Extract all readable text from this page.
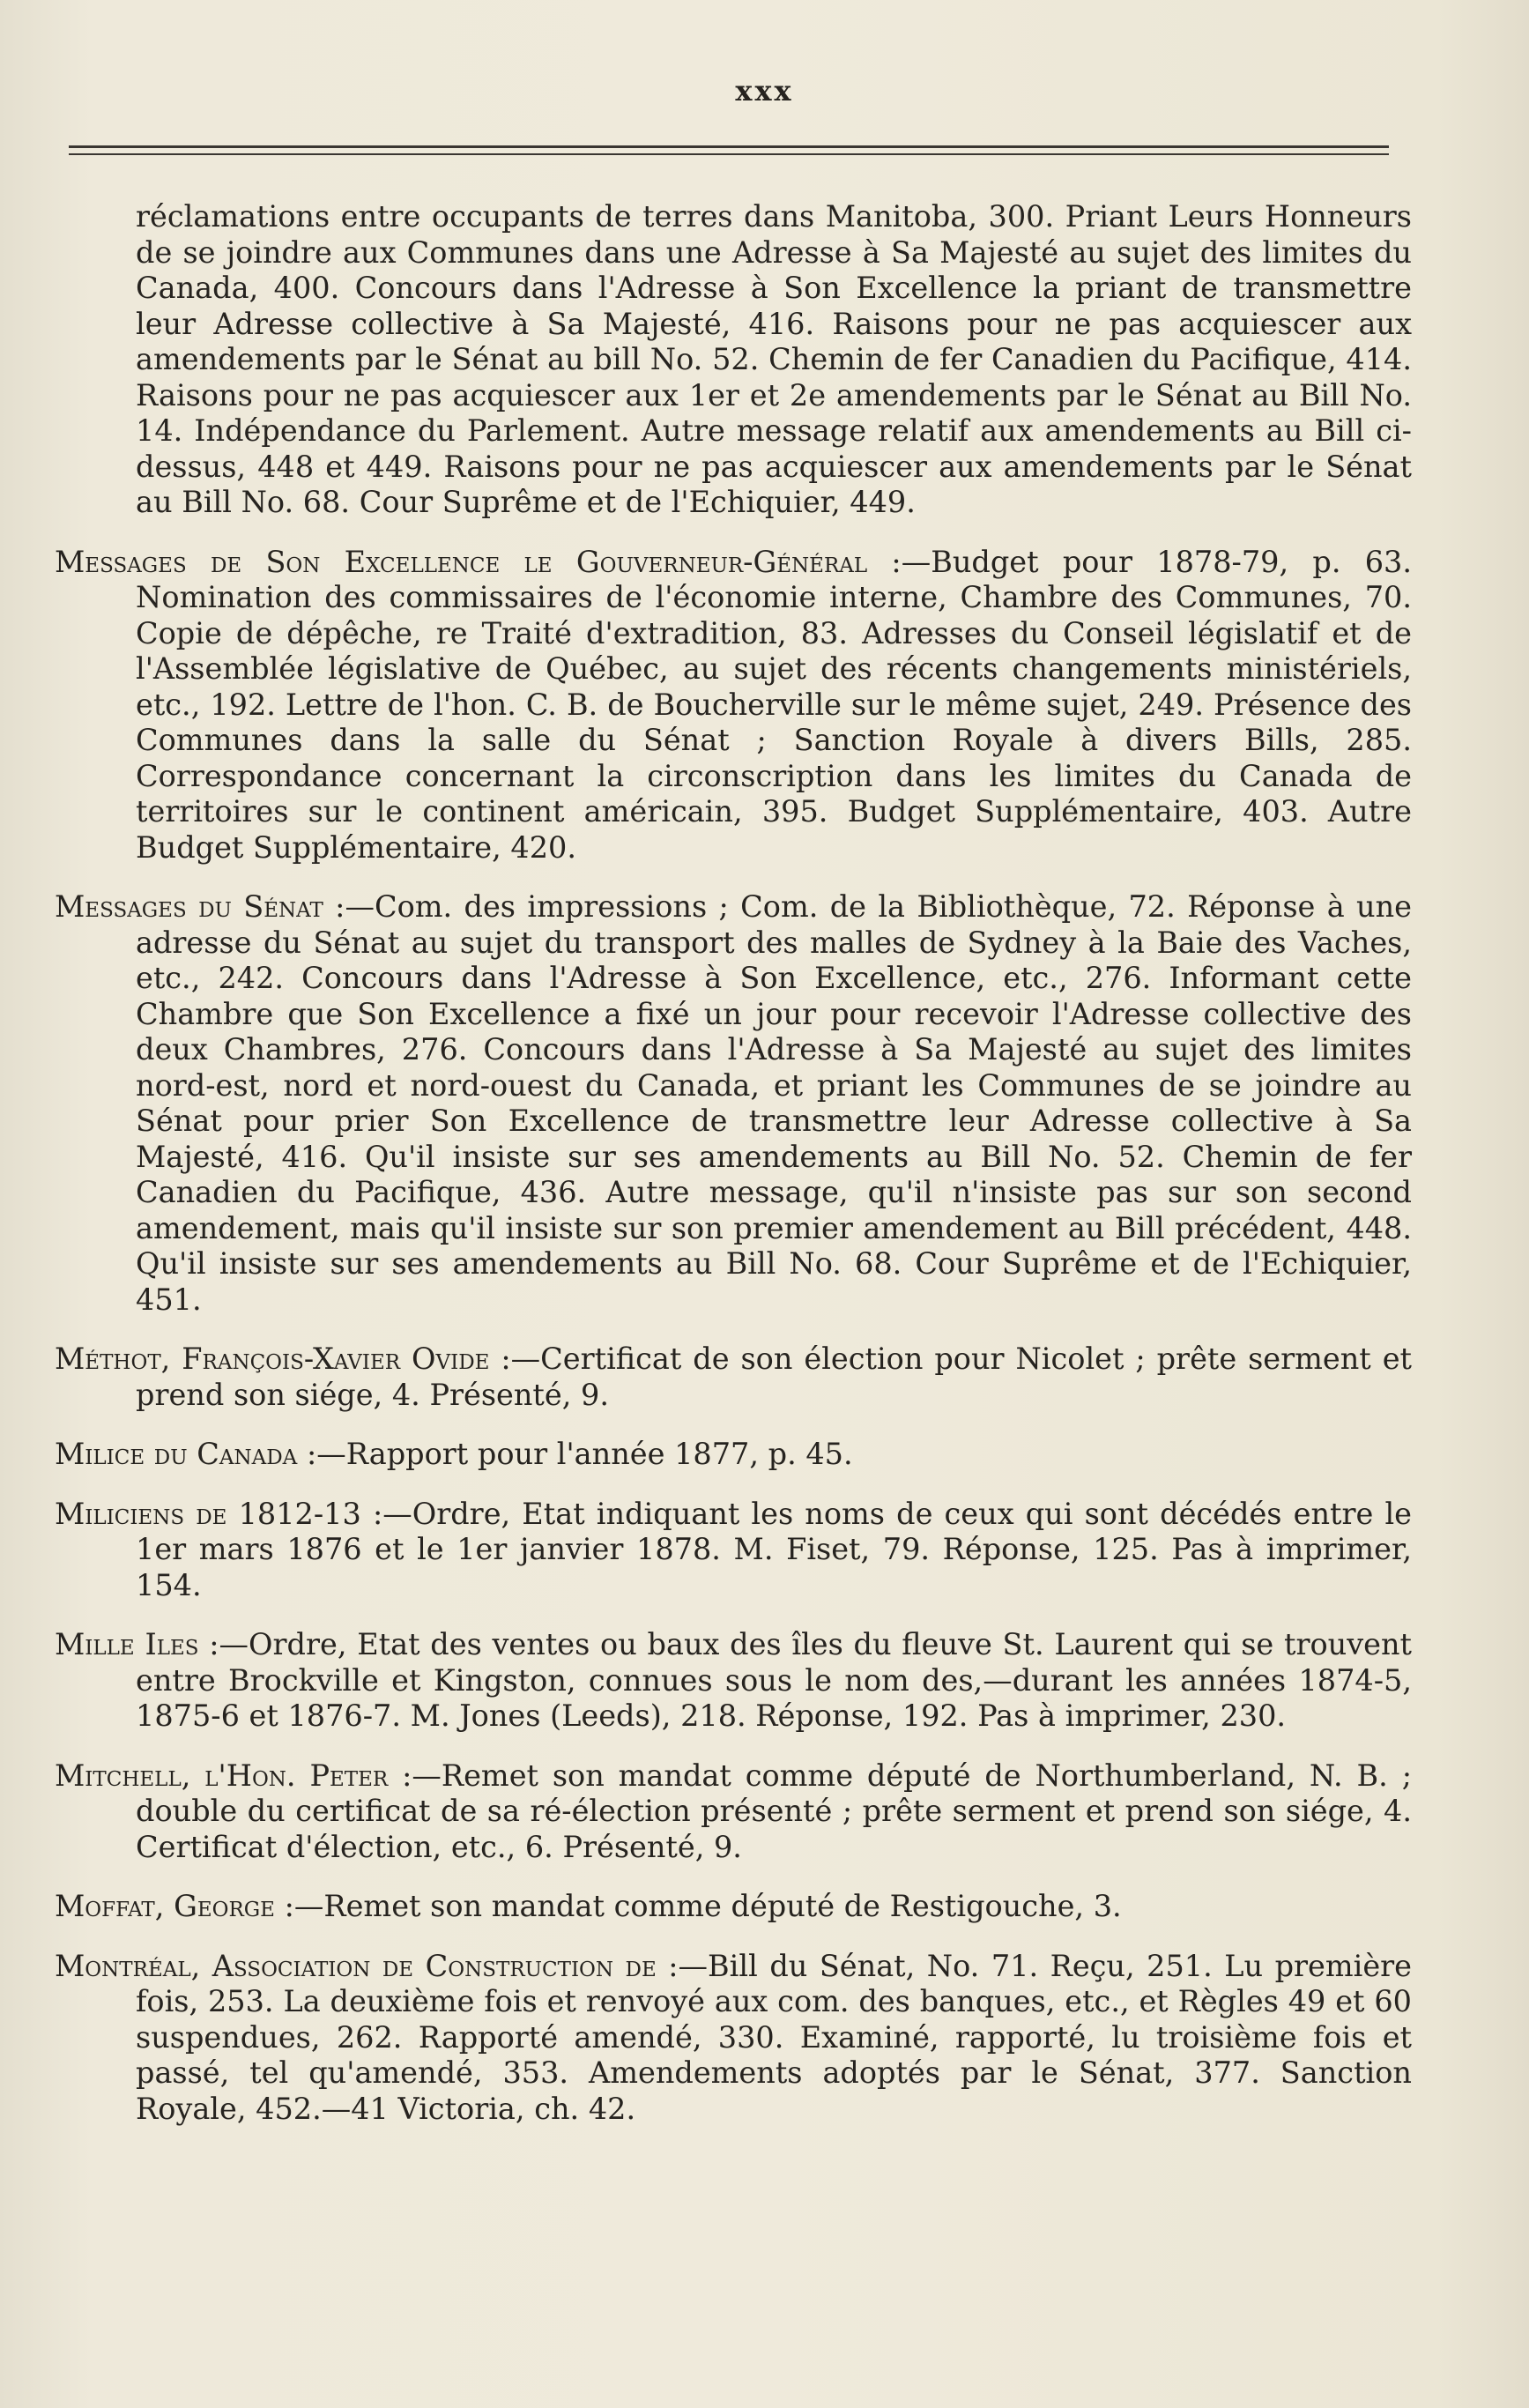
xxx

réclamations entre occupants de terres dans Manitoba, 300. Priant Leurs Honneurs de se joindre aux Communes dans une Adresse à Sa Majesté au sujet des limites du Canada, 400. Concours dans l'Adresse à Son Excellence la priant de transmettre leur Adresse collective à Sa Majesté, 416. Raisons pour ne pas acquiescer aux amendements par le Sénat au bill No. 52. Chemin de fer Canadien du Pacifique, 414. Raisons pour ne pas acquiescer aux 1er et 2e amendements par le Sénat au Bill No. 14. Indépendance du Parlement. Autre message relatif aux amendements au Bill ci-dessus, 448 et 449. Raisons pour ne pas acquiescer aux amendements par le Sénat au Bill No. 68. Cour Suprême et de l'Echiquier, 449.

Messages de Son Excellence le Gouverneur-Général :—Budget pour 1878-79, p. 63. Nomination des commissaires de l'économie interne, Chambre des Communes, 70. Copie de dépêche, re Traité d'extradition, 83. Adresses du Conseil législatif et de l'Assemblée législative de Québec, au sujet des récents changements ministériels, etc., 192. Lettre de l'hon. C. B. de Boucherville sur le même sujet, 249. Présence des Communes dans la salle du Sénat ; Sanction Royale à divers Bills, 285. Correspondance concernant la circonscription dans les limites du Canada de territoires sur le continent américain, 395. Budget Supplémentaire, 403. Autre Budget Supplémentaire, 420.

Messages du Sénat :—Com. des impressions ; Com. de la Bibliothèque, 72. Réponse à une adresse du Sénat au sujet du transport des malles de Sydney à la Baie des Vaches, etc., 242. Concours dans l'Adresse à Son Excellence, etc., 276. Informant cette Chambre que Son Excellence a fixé un jour pour recevoir l'Adresse collective des deux Chambres, 276. Concours dans l'Adresse à Sa Majesté au sujet des limites nord-est, nord et nord-ouest du Canada, et priant les Communes de se joindre au Sénat pour prier Son Excellence de transmettre leur Adresse collective à Sa Majesté, 416. Qu'il insiste sur ses amendements au Bill No. 52. Chemin de fer Canadien du Pacifique, 436. Autre message, qu'il n'insiste pas sur son second amendement, mais qu'il insiste sur son premier amendement au Bill précédent, 448. Qu'il insiste sur ses amendements au Bill No. 68. Cour Suprême et de l'Echiquier, 451.

Méthot, François-Xavier Ovide :—Certificat de son élection pour Nicolet ; prête serment et prend son siége, 4. Présenté, 9.

Milice du Canada :—Rapport pour l'année 1877, p. 45.

Miliciens de 1812-13 :—Ordre, Etat indiquant les noms de ceux qui sont décédés entre le 1er mars 1876 et le 1er janvier 1878. M. Fiset, 79. Réponse, 125. Pas à imprimer, 154.

Mille Iles :—Ordre, Etat des ventes ou baux des îles du fleuve St. Laurent qui se trouvent entre Brockville et Kingston, connues sous le nom des,—durant les années 1874-5, 1875-6 et 1876-7. M. Jones (Leeds), 218. Réponse, 192. Pas à imprimer, 230.

Mitchell, l'Hon. Peter :—Remet son mandat comme député de Northumberland, N. B. ; double du certificat de sa ré-élection présenté ; prête serment et prend son siége, 4. Certificat d'élection, etc., 6. Présenté, 9.

Moffat, George :—Remet son mandat comme député de Restigouche, 3.

Montréal, Association de Construction de :—Bill du Sénat, No. 71. Reçu, 251. Lu première fois, 253. La deuxième fois et renvoyé aux com. des banques, etc., et Règles 49 et 60 suspendues, 262. Rapporté amendé, 330. Examiné, rapporté, lu troisième fois et passé, tel qu'amendé, 353. Amendements adoptés par le Sénat, 377. Sanction Royale, 452.—41 Victoria, ch. 42.
